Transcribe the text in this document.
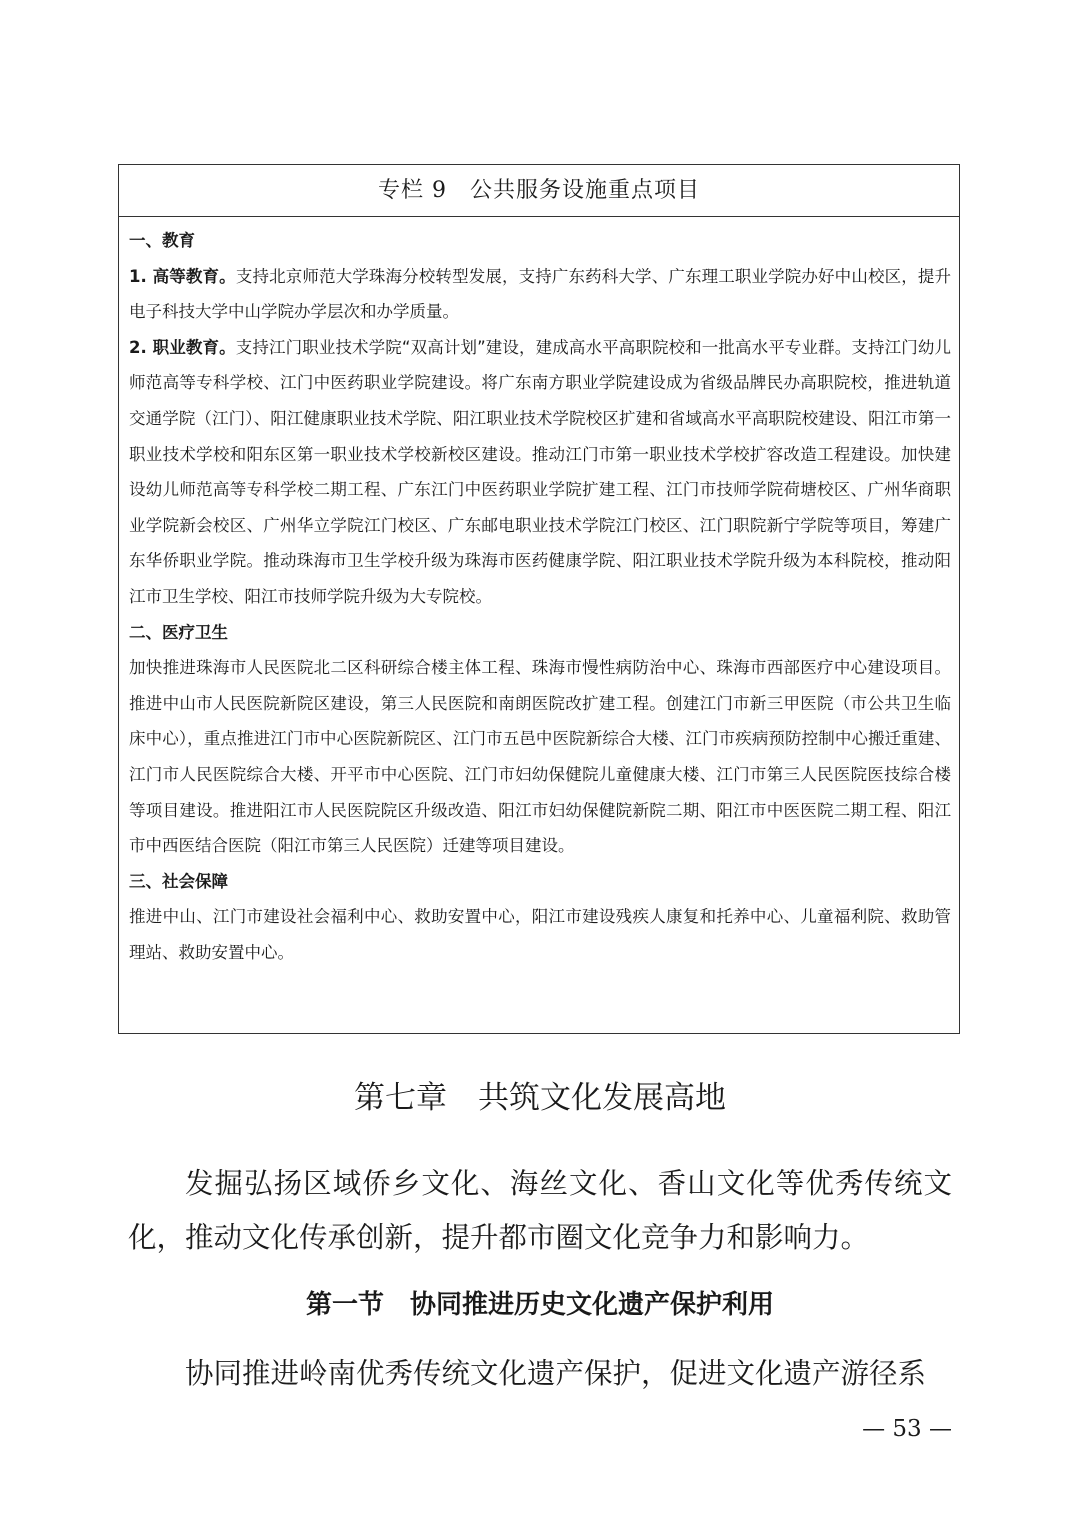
专栏 9　公共服务设施重点项目

一、教育

1. 高等教育。支持北京师范大学珠海分校转型发展，支持广东药科大学、广东理工职业学院办好中山校区，提升电子科技大学中山学院办学层次和办学质量。

2. 职业教育。支持江门职业技术学院“双高计划”建设，建成高水平高职院校和一批高水平专业群。支持江门幼儿师范高等专科学校、江门中医药职业学院建设。将广东南方职业学院建设成为省级品牌民办高职院校，推进轨道交通学院（江门）、阳江健康职业技术学院、阳江职业技术学院校区扩建和省域高水平高职院校建设、阳江市第一职业技术学校和阳东区第一职业技术学校新校区建设。推动江门市第一职业技术学校扩容改造工程建设。加快建设幼儿师范高等专科学校二期工程、广东江门中医药职业学院扩建工程、江门市技师学院荷塘校区、广州华商职业学院新会校区、广州华立学院江门校区、广东邮电职业技术学院江门校区、江门职院新宁学院等项目，筹建广东华侨职业学院。推动珠海市卫生学校升级为珠海市医药健康学院、阳江职业技术学院升级为本科院校，推动阳江市卫生学校、阳江市技师学院升级为大专院校。

二、医疗卫生

加快推进珠海市人民医院北二区科研综合楼主体工程、珠海市慢性病防治中心、珠海市西部医疗中心建设项目。推进中山市人民医院新院区建设，第三人民医院和南朗医院改扩建工程。创建江门市新三甲医院（市公共卫生临床中心），重点推进江门市中心医院新院区、江门市五邑中医院新综合大楼、江门市疾病预防控制中心搬迁重建、江门市人民医院综合大楼、开平市中心医院、江门市妇幼保健院儿童健康大楼、江门市第三人民医院医技综合楼等项目建设。推进阳江市人民医院院区升级改造、阳江市妇幼保健院新院二期、阳江市中医医院二期工程、阳江市中西医结合医院（阳江市第三人民医院）迁建等项目建设。

三、社会保障

推进中山、江门市建设社会福利中心、救助安置中心，阳江市建设残疾人康复和托养中心、儿童福利院、救助管理站、救助安置中心。

第七章　共筑文化发展高地
发掘弘扬区域侨乡文化、海丝文化、香山文化等优秀传统文化，推动文化传承创新，提升都市圈文化竞争力和影响力。
第一节　协同推进历史文化遗产保护利用
协同推进岭南优秀传统文化遗产保护，促进文化遗产游径系
— 53 —
